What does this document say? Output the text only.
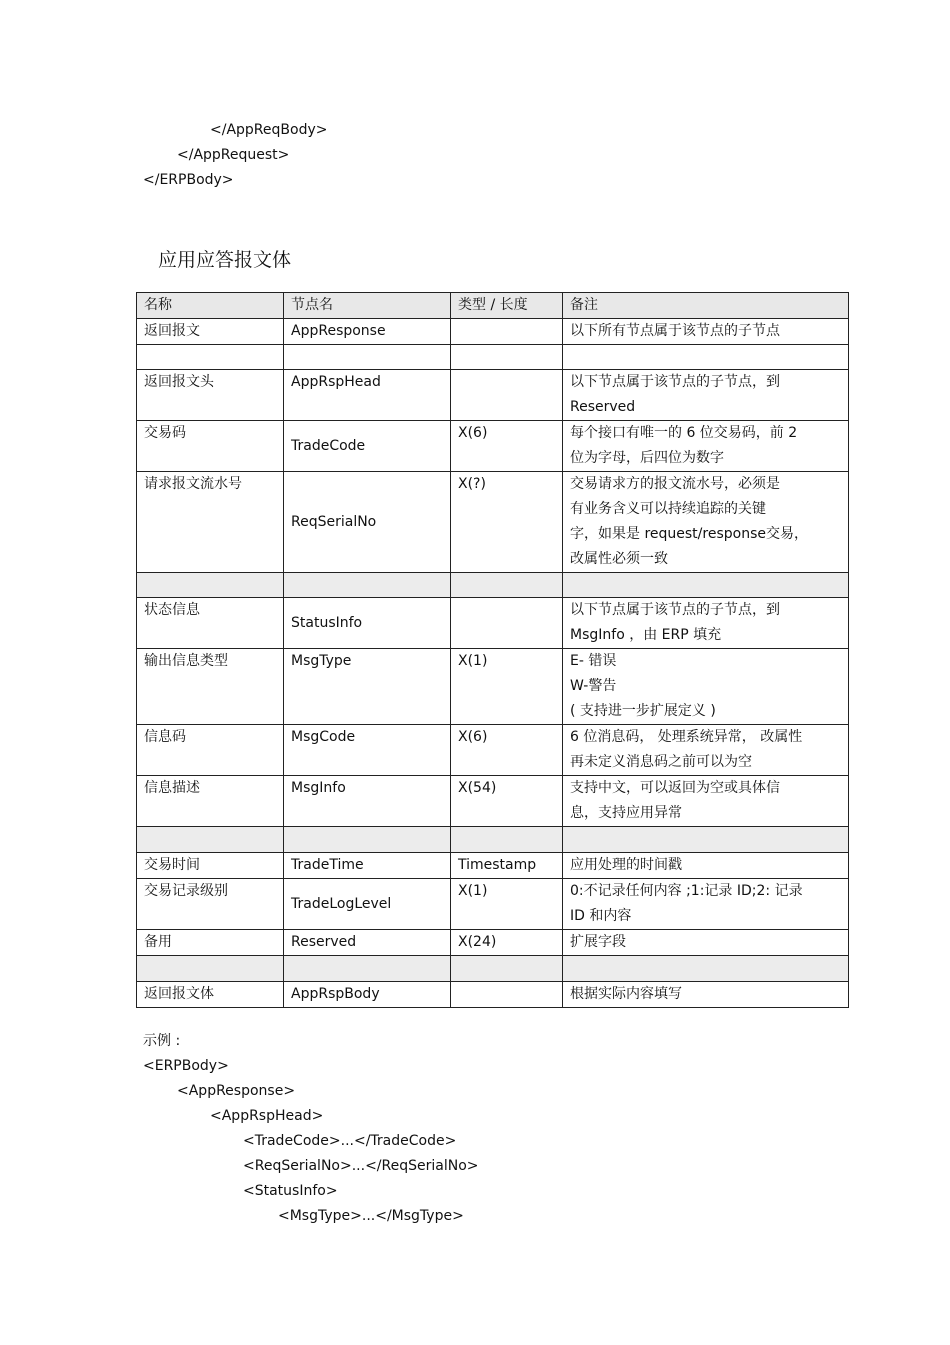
</AppReqBody>
</AppRequest>
</ERPBody>
应用应答报文体
名称	节点名	类型 / 长度	备注
返回报文	AppResponse		以下所有节点属于该节点的子节点

返回报文头	AppRspHead		以下节点属于该节点的子节点，到
Reserved
交易码	TradeCode	X(6)	每个接口有唯一的 6 位交易码，前 2
位为字母，后四位为数字
请求报文流水号	ReqSerialNo	X(?)	交易请求方的报文流水号，必须是
有业务含义可以持续追踪的关键
字，如果是 request/response交易，
改属性必须一致

状态信息	StatusInfo		以下节点属于该节点的子节点，到
MsgInfo ，由 ERP 填充
输出信息类型	MsgType	X(1)	E- 错误
W-警告
( 支持进一步扩展定义 )
信息码	MsgCode	X(6)	6 位消息码， 处理系统异常， 改属性
再未定义消息码之前可以为空
信息描述	MsgInfo	X(54)	支持中文，可以返回为空或具体信
息，支持应用异常

交易时间	TradeTime	Timestamp	应用处理的时间戳
交易记录级别	TradeLogLevel	X(1)	0:不记录任何内容 ;1:记录 ID;2: 记录
ID 和内容
备用	Reserved	X(24)	扩展字段

返回报文体	AppRspBody		根据实际内容填写
示例 :
<ERPBody>
<AppResponse>
<AppRspHead>
<TradeCode>...</TradeCode>
<ReqSerialNo>...</ReqSerialNo>
<StatusInfo>
<MsgType>...</MsgType>
